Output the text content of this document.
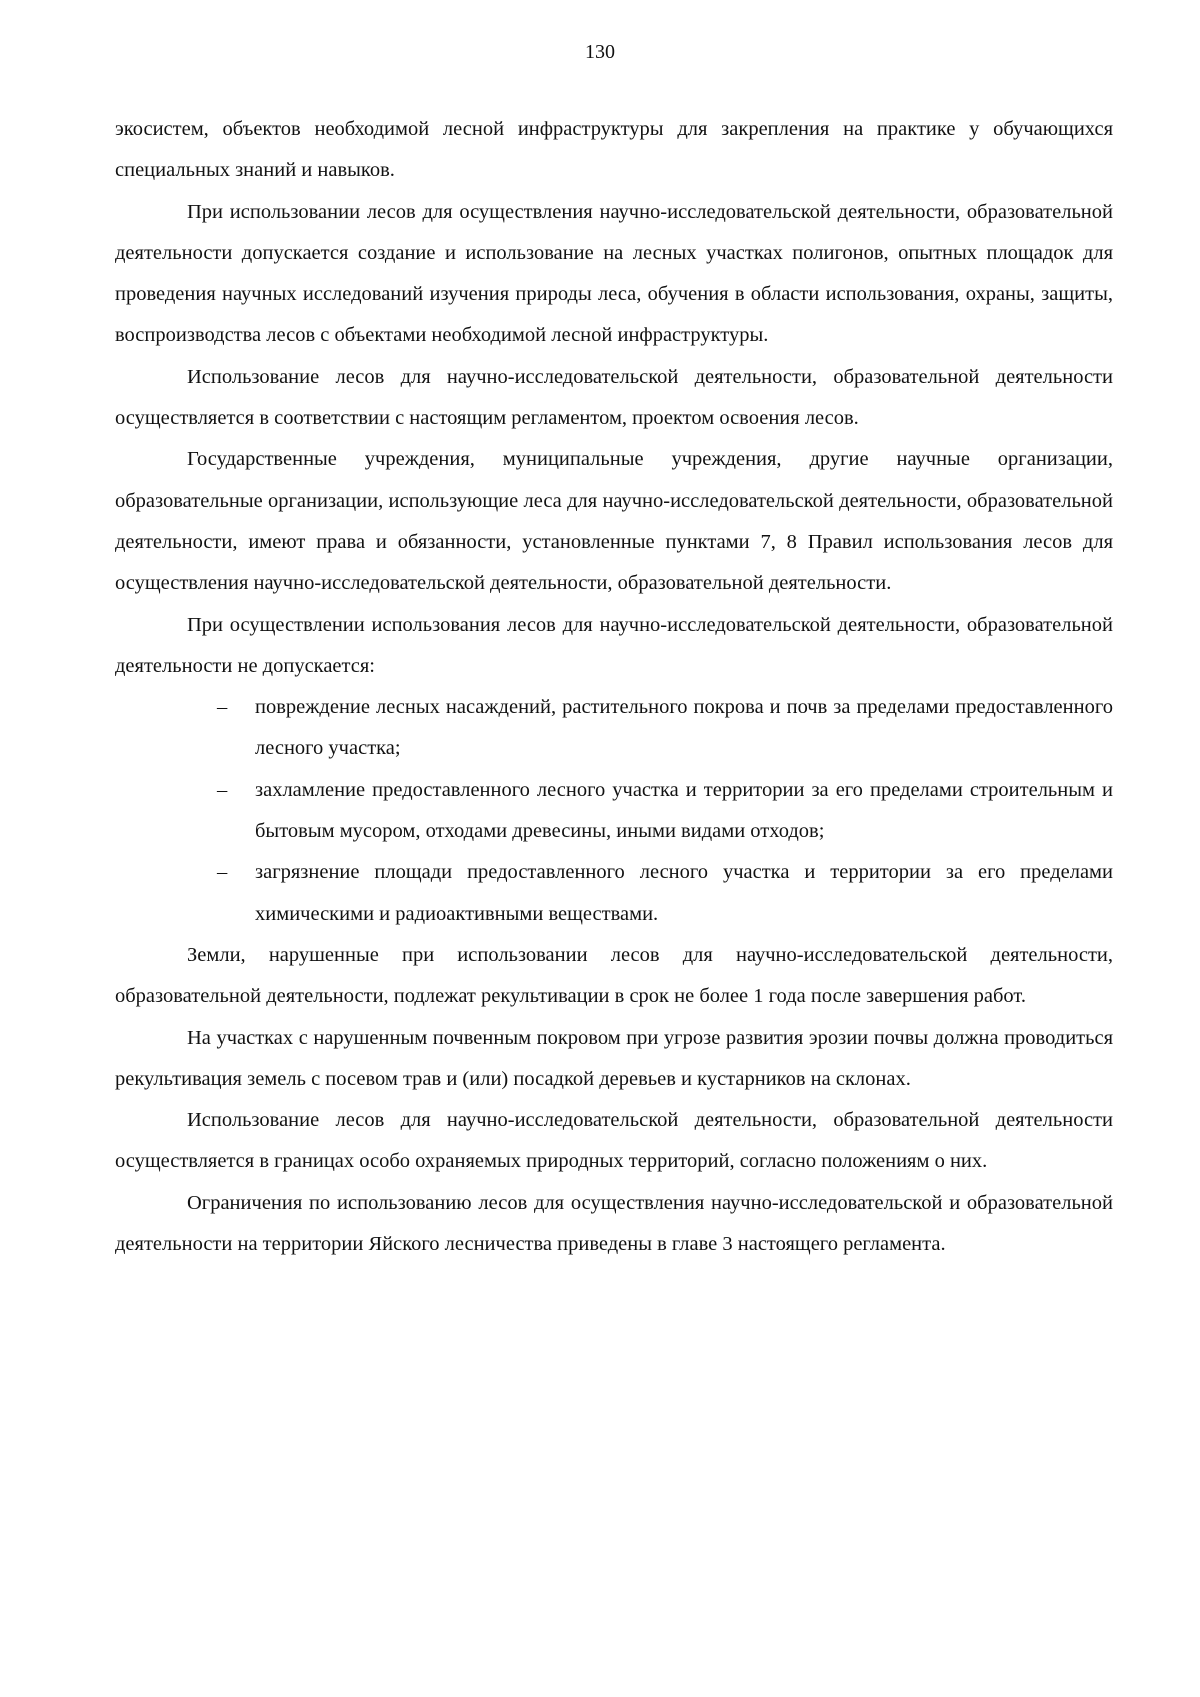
130

экосистем, объектов необходимой лесной инфраструктуры для закрепления на практике у обучающихся специальных знаний и навыков.

При использовании лесов для осуществления научно-исследовательской деятельности, образовательной деятельности допускается создание и использование на лесных участках полигонов, опытных площадок для проведения научных исследований изучения природы леса, обучения в области использования, охраны, защиты, воспроизводства лесов с объектами необходимой лесной инфраструктуры.

Использование лесов для научно-исследовательской деятельности, образовательной деятельности осуществляется в соответствии с настоящим регламентом, проектом освоения лесов.

Государственные учреждения, муниципальные учреждения, другие научные организации, образовательные организации, использующие леса для научно-исследовательской деятельности, образовательной деятельности, имеют права и обязанности, установленные пунктами 7, 8 Правил использования лесов для осуществления научно-исследовательской деятельности, образовательной деятельности.

При осуществлении использования лесов для научно-исследовательской деятельности, образовательной деятельности не допускается:

– повреждение лесных насаждений, растительного покрова и почв за пределами предоставленного лесного участка;
– захламление предоставленного лесного участка и территории за его пределами строительным и бытовым мусором, отходами древесины, иными видами отходов;
– загрязнение площади предоставленного лесного участка и территории за его пределами химическими и радиоактивными веществами.

Земли, нарушенные при использовании лесов для научно-исследовательской деятельности, образовательной деятельности, подлежат рекультивации в срок не более 1 года после завершения работ.

На участках с нарушенным почвенным покровом при угрозе развития эрозии почвы должна проводиться рекультивация земель с посевом трав и (или) посадкой деревьев и кустарников на склонах.

Использование лесов для научно-исследовательской деятельности, образовательной деятельности осуществляется в границах особо охраняемых природных территорий, согласно положениям о них.

Ограничения по использованию лесов для осуществления научно-исследовательской и образовательной деятельности на территории Яйского лесничества приведены в главе 3 настоящего регламента.
